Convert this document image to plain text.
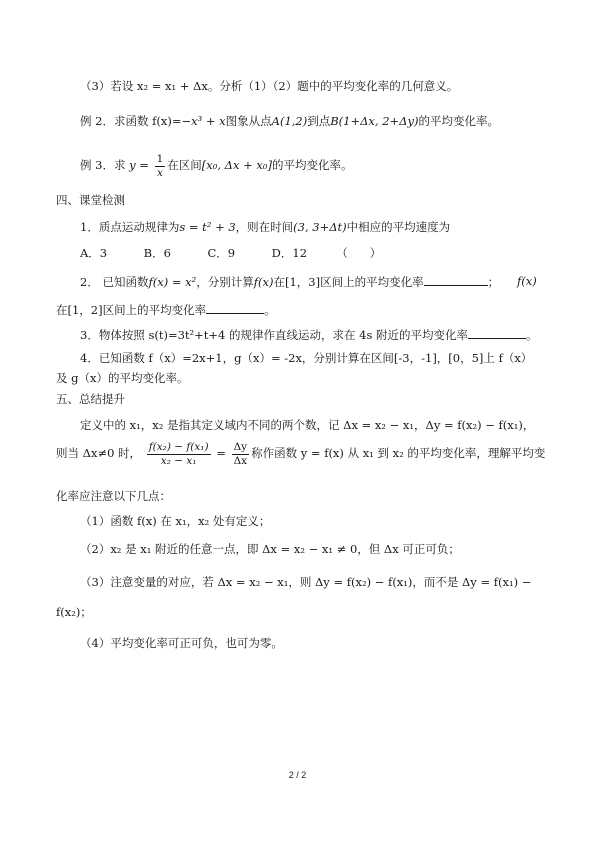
（3）若设 x₂ = x₁ + Δx。分析（1）（2）题中的平均变化率的几何意义。
例 2．求函数 f(x)=−x³ + x图象从点A(1,2)到点B(1+Δx, 2+Δy)的平均变化率。
例 3．求 $y = \frac{1}{x}$ 在区间[x₀, Δx + x₀]的平均变化率。
四、课堂检测
1．质点运动规律为s = t² + 3，则在时间(3, 3+Δt)中相应的平均速度为
A．3          B．6          C．9          D．12        （      ）
2． 已知函数f(x) = x²，分别计算f(x)在[1，3]区间上的平均变化率	； f(x)
在[1，2]区间上的平均变化率	。
3．物体按照 s(t)=3t²+t+4 的规律作直线运动，求在 4s 附近的平均变化率	。
4．已知函数 f（x）=2x+1，g（x）= -2x，分别计算在区间[-3，-1]，[0，5]上 f（x）
及 g（x）的平均变化率。
五、总结提升
定义中的 x₁，x₂ 是指其定义域内不同的两个数，记 Δx = x₂ − x₁，Δy = f(x₂) − f(x₁)，
则当 Δx≠0 时， $\frac{\text{f(x₂) − f(x₁)}}{\text{x₂ − x₁}} = \frac{\Delta y}{\Delta x}$ 称作函数 y = f(x) 从 x₁ 到 x₂ 的平均变化率，理解平均变
化率应注意以下几点：
（1）函数 f(x) 在 x₁，x₂ 处有定义；
（2）x₂ 是 x₁ 附近的任意一点，即 Δx = x₂ − x₁ ≠ 0，但 Δx 可正可负；
（3）注意变量的对应，若 Δx = x₂ − x₁，则 Δy = f(x₂) − f(x₁)，而不是 Δy = f(x₁) −
f(x₂)；
（4）平均变化率可正可负，也可为零。
2 / 2
